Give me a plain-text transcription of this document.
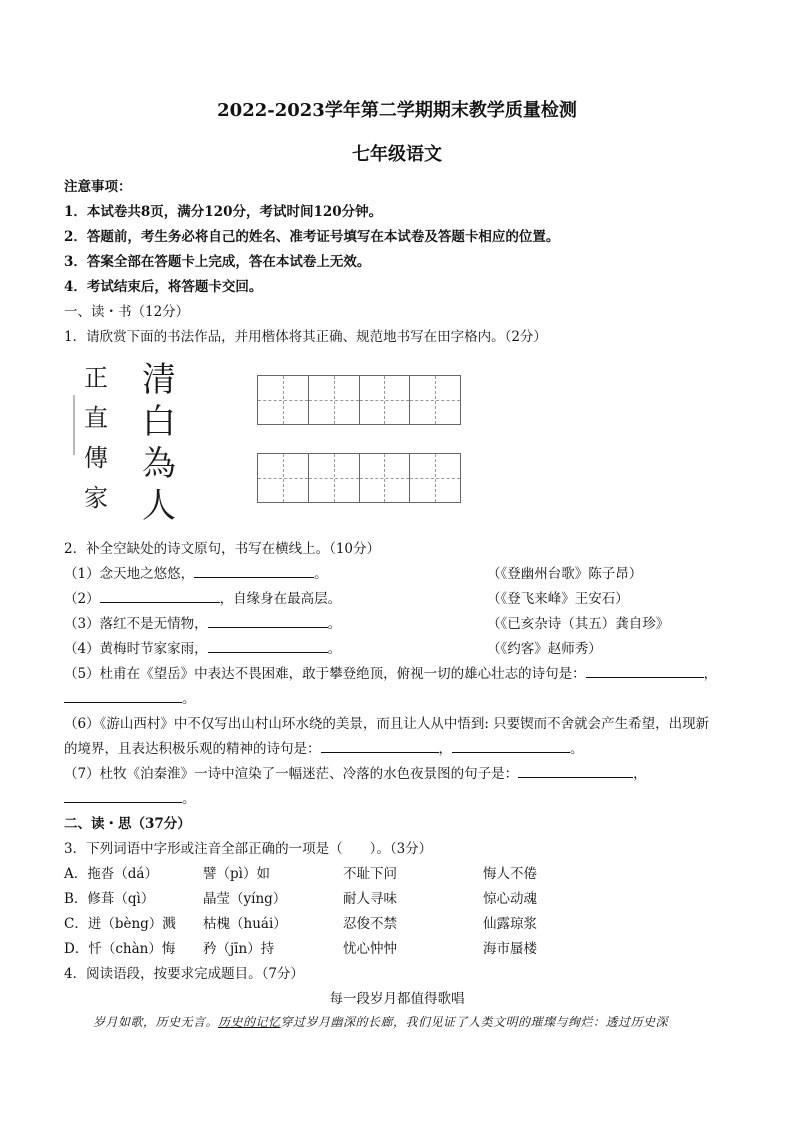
2022-2023学年第二学期期末教学质量检测
七年级语文
注意事项：
1．本试卷共8页，满分120分，考试时间120分钟。
2．答题前，考生务必将自己的姓名、准考证号填写在本试卷及答题卡相应的位置。
3．答案全部在答题卡上完成，答在本试卷上无效。
4．考试结束后，将答题卡交回。
一、读・书（12分）
1．请欣赏下面的书法作品，并用楷体将其正确、规范地书写在田字格内。（2分）
正
直
傳
家
清
白
為
人
2．补全空缺处的诗文原句，书写在横线上。（10分）
（1）念天地之悠悠，	。	（《登幽州台歌》陈子昂）
（2）	，自缘身在最高层。	（《登飞来峰》王安石）
（3）落红不是无情物，	。	（《已亥杂诗（其五）龚自珍》
（4）黄梅时节家家雨，	。	（《约客》赵师秀）
（5）杜甫在《望岳》中表达不畏困难，敢于攀登绝顶，俯视一切的雄心壮志的诗句是：	，
。
（6）《游山西村》中不仅写出山村山环水绕的美景，而且让人从中悟到: 只要锲而不舍就会产生希望，出现新
的境界，且表达积极乐观的精神的诗句是：	，	。
（7）杜牧《泊秦淮》一诗中渲染了一幅迷茫、冷落的水色夜景图的句子是：	，
。
二、读・思（37分）
3．下列词语中字形或注音全部正确的一项是（　　）。（3分）
A．拖沓（dá）	譬（pì）如	不耻下问	悔人不倦
B．修葺（qì）	晶莹（yíng）	耐人寻味	惊心动魂
C．迸（bèng）溅 枯槐（huái）	忍俊不禁	仙露琼浆
D．忏（chàn）悔 矜（jīn）持	忧心忡忡	海市蜃楼
4．阅读语段，按要求完成题目。（7分）
每一段岁月都值得歌唱
岁月如歌，历史无言。历史的记忆穿过岁月幽深的长廊，我们见证了人类文明的璀璨与绚烂：透过历史深
